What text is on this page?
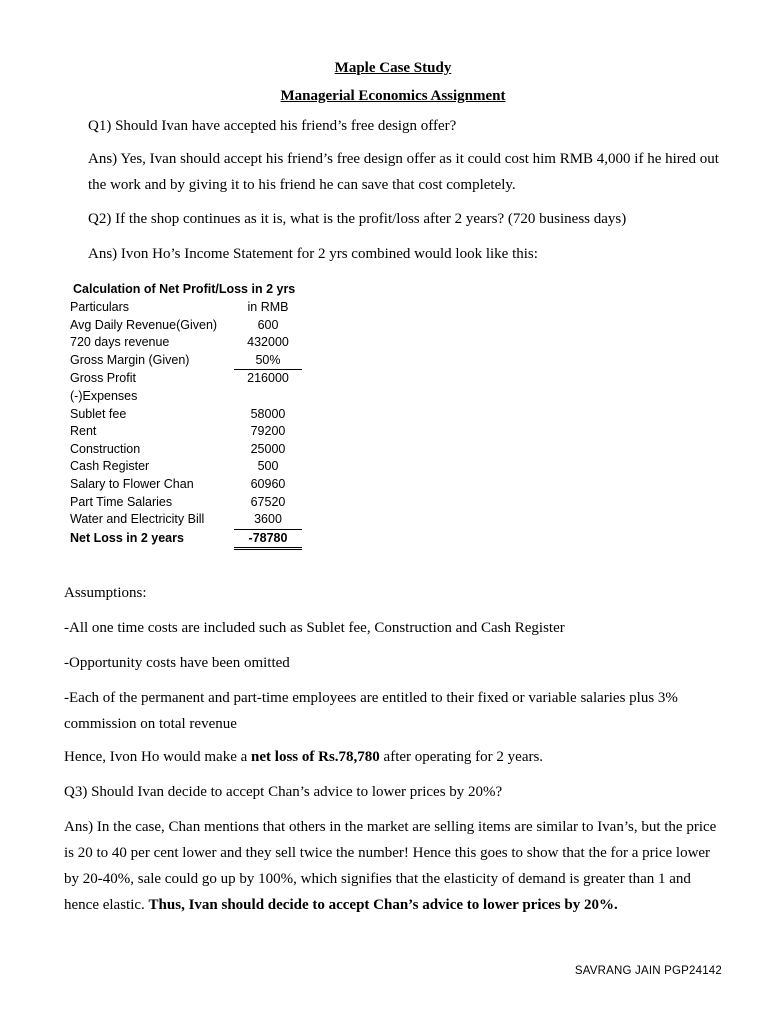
Maple Case Study
Managerial Economics Assignment

Q1) Should Ivan have accepted his friend’s free design offer?

Ans) Yes, Ivan should accept his friend’s free design offer as it could cost him RMB 4,000 if he hired out the work and by giving it to his friend he can save that cost completely.

Q2) If the shop continues as it is, what is the profit/loss after 2 years? (720 business days)

Ans) Ivon Ho’s Income Statement for 2 yrs combined would look like this:

Calculation of Net Profit/Loss in 2 yrs
Particulars	in RMB
Avg Daily Revenue(Given)	600
720 days revenue	432000
Gross Margin (Given)	50%
Gross Profit	216000
(-)Expenses	
Sublet fee	58000
Rent	79200
Construction	25000
Cash Register	500
Salary to Flower Chan	60960
Part Time Salaries	67520
Water and Electricity Bill	3600
Net Loss in 2 years	-78780

Assumptions:

-All one time costs are included such as Sublet fee, Construction and Cash Register

-Opportunity costs have been omitted

-Each of the permanent and part-time employees are entitled to their fixed or variable salaries plus 3% commission on total revenue

Hence, Ivon Ho would make a net loss of Rs.78,780 after operating for 2 years.

Q3) Should Ivan decide to accept Chan’s advice to lower prices by 20%?

Ans) In the case, Chan mentions that others in the market are selling items are similar to Ivan’s, but the price is 20 to 40 per cent lower and they sell twice the number! Hence this goes to show that the for a price lower by 20-40%, sale could go up by 100%, which signifies that the elasticity of demand is greater than 1 and hence elastic. Thus, Ivan should decide to accept Chan’s advice to lower prices by 20%.

SAVRANG JAIN PGP24142
